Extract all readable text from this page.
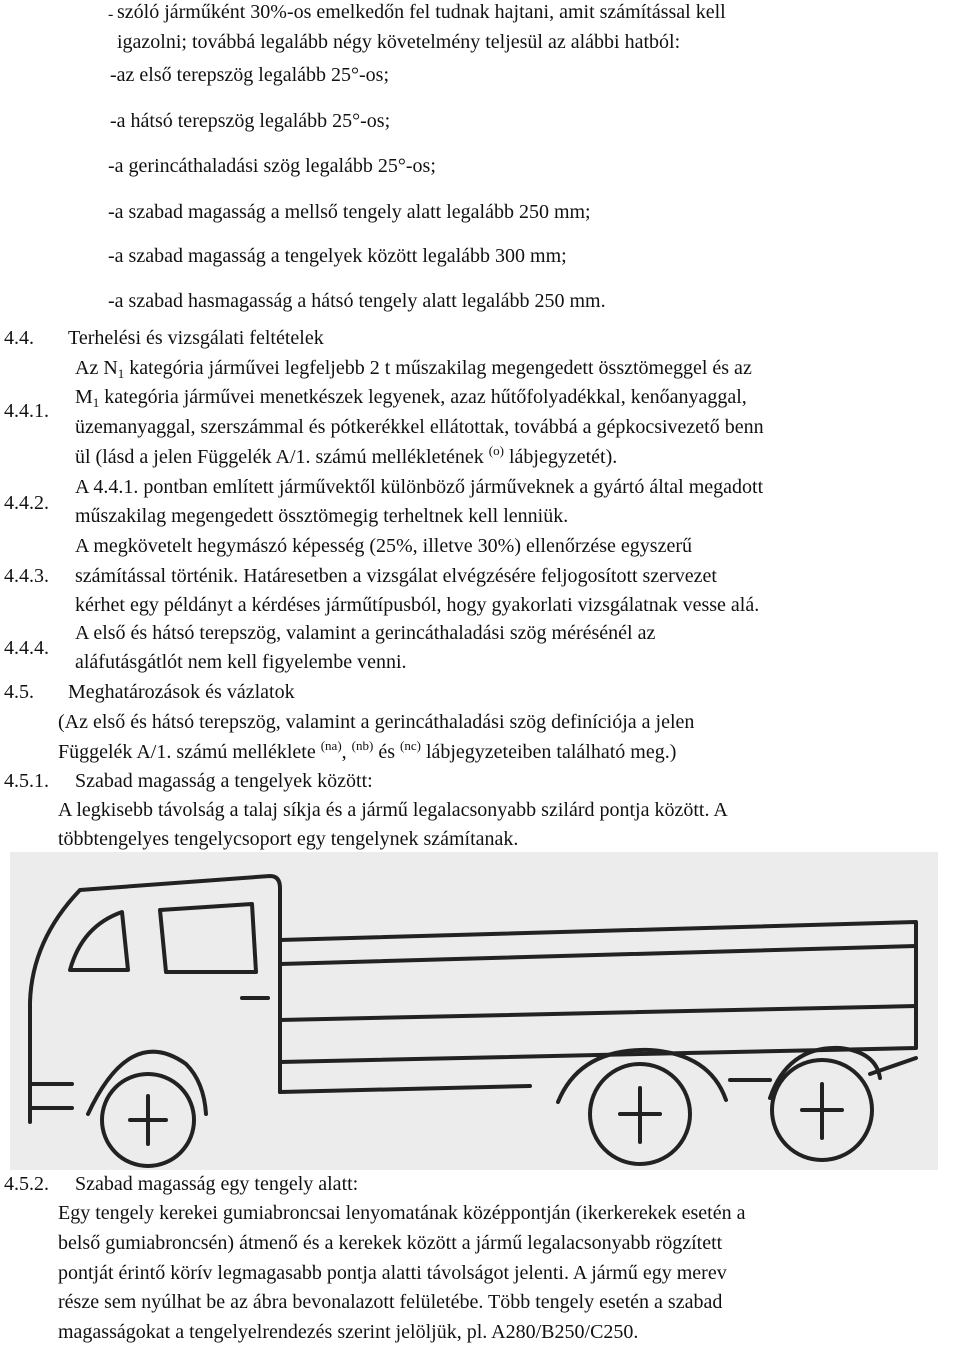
- szóló járműként 30%-os emelkedőn fel tudnak hajtani, amit számítással kell
igazolni; továbbá legalább négy követelmény teljesül az alábbi hatból:
-az első terepszög legalább 25°-os;
-a hátsó terepszög legalább 25°-os;
-a gerincáthaladási szög legalább 25°-os;
-a szabad magasság a mellső tengely alatt legalább 250 mm;
-a szabad magasság a tengelyek között legalább 300 mm;
-a szabad hasmagasság a hátsó tengely alatt legalább 250 mm.
4.4. Terhelési és vizsgálati feltételek
Az $N_1$ kategória járművei legfeljebb 2 t műszakilag megengedett össztömeggel és az
4.4.1.
$M_1$ kategória járművei menetkészek legyenek, azaz hűtőfolyadékkal, kenőanyaggal,
üzemanyaggal, szerszámmal és pótkerékkel ellátottak, továbbá a gépkocsivezető benn
ül (lásd a jelen Függelék A/1. számú mellékletének $^{(o)}$ lábjegyzetét).
A 4.4.1. pontban említett járművektől különböző járműveknek a gyártó által megadott
4.4.2.
műszakilag megengedett össztömegig terheltnek kell lenniük.
A megkövetelt hegymászó képesség (25%, illetve 30%) ellenőrzése egyszerű
4.4.3. számítással történik. Határesetben a vizsgálat elvégzésére feljogosított szervezet
kérhet egy példányt a kérdéses járműtípusból, hogy gyakorlati vizsgálatnak vesse alá.
A első és hátsó terepszög, valamint a gerincáthaladási szög mérésénél az
4.4.4.
aláfutásgátlót nem kell figyelembe venni.
4.5. Meghatározások és vázlatok
(Az első és hátsó terepszög, valamint a gerincáthaladási szög definíciója a jelen
Függelék A/1. számú melléklete $^{(na)}$, $^{(nb)}$ és $^{(nc)}$ lábjegyzeteiben található meg.)
4.5.1. Szabad magasság a tengelyek között:
A legkisebb távolság a talaj síkja és a jármű legalacsonyabb szilárd pontja között. A
többtengelyes tengelycsoport egy tengelynek számítanak.
4.5.2. Szabad magasság egy tengely alatt:
Egy tengely kerekei gumiabroncsai lenyomatának középpontján (ikerkerekek esetén a
belső gumiabroncsén) átmenő és a kerekek között a jármű legalacsonyabb rögzített
pontját érintő körív legmagasabb pontja alatti távolságot jelenti. A jármű egy merev
része sem nyúlhat be az ábra bevonalazott felületébe. Több tengely esetén a szabad
magasságokat a tengelyelrendezés szerint jelöljük, pl. A280/B250/C250.
